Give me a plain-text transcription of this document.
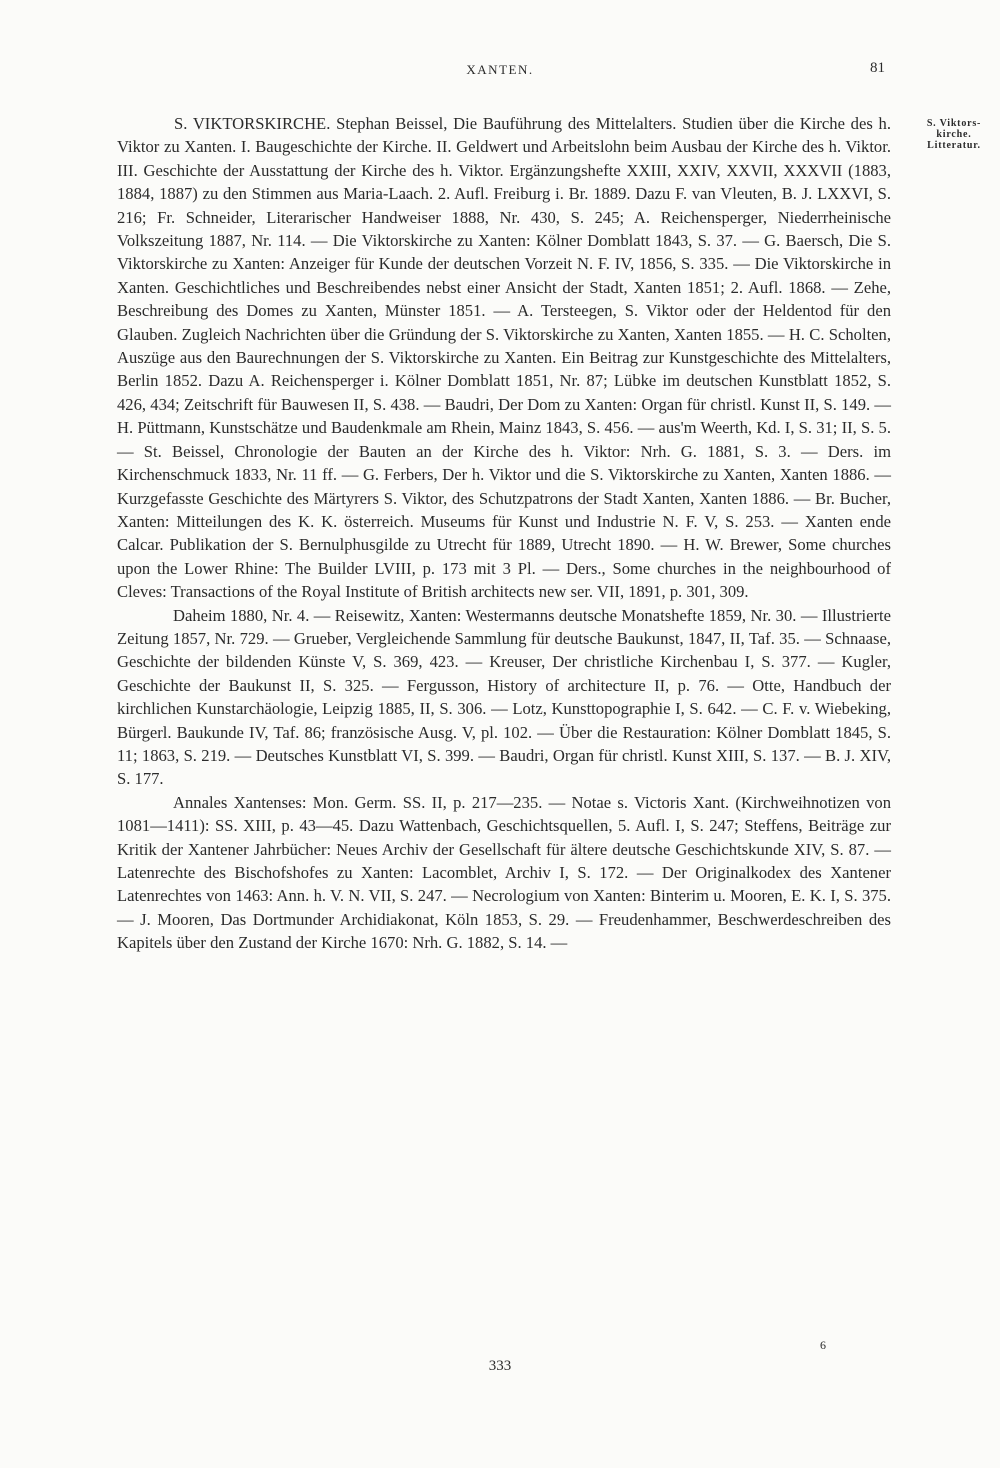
XANTEN.	81
S. Viktors-
kirche.
Litteratur.

S. VIKTORSKIRCHE. Stephan Beissel, Die Bauführung des Mittelalters. Studien über die Kirche des h. Viktor zu Xanten. I. Baugeschichte der Kirche. II. Geldwert und Arbeitslohn beim Ausbau der Kirche des h. Viktor. III. Geschichte der Ausstattung der Kirche des h. Viktor. Ergänzungshefte XXIII, XXIV, XXVII, XXXVII (1883, 1884, 1887) zu den Stimmen aus Maria-Laach. 2. Aufl. Freiburg i. Br. 1889. Dazu F. van Vleuten, B. J. LXXVI, S. 216; Fr. Schneider, Literarischer Handweiser 1888, Nr. 430, S. 245; A. Reichensperger, Niederrheinische Volkszeitung 1887, Nr. 114. — Die Viktorskirche zu Xanten: Kölner Domblatt 1843, S. 37. — G. Baersch, Die S. Viktorskirche zu Xanten: Anzeiger für Kunde der deutschen Vorzeit N. F. IV, 1856, S. 335. — Die Viktorskirche in Xanten. Geschichtliches und Beschreibendes nebst einer Ansicht der Stadt, Xanten 1851; 2. Aufl. 1868. — Zehe, Beschreibung des Domes zu Xanten, Münster 1851. — A. Tersteegen, S. Viktor oder der Heldentod für den Glauben. Zugleich Nachrichten über die Gründung der S. Viktorskirche zu Xanten, Xanten 1855. — H. C. Scholten, Auszüge aus den Baurechnungen der S. Viktorskirche zu Xanten. Ein Beitrag zur Kunstgeschichte des Mittelalters, Berlin 1852. Dazu A. Reichensperger i. Kölner Domblatt 1851, Nr. 87; Lübke im deutschen Kunstblatt 1852, S. 426, 434; Zeitschrift für Bauwesen II, S. 438. — Baudri, Der Dom zu Xanten: Organ für christl. Kunst II, S. 149. — H. Püttmann, Kunstschätze und Baudenkmale am Rhein, Mainz 1843, S. 456. — aus'm Weerth, Kd. I, S. 31; II, S. 5. — St. Beissel, Chronologie der Bauten an der Kirche des h. Viktor: Nrh. G. 1881, S. 3. — Ders. im Kirchenschmuck 1833, Nr. 11 ff. — G. Ferbers, Der h. Viktor und die S. Viktorskirche zu Xanten, Xanten 1886. — Kurzgefasste Geschichte des Märtyrers S. Viktor, des Schutzpatrons der Stadt Xanten, Xanten 1886. — Br. Bucher, Xanten: Mitteilungen des K. K. österreich. Museums für Kunst und Industrie N. F. V, S. 253. — Xanten ende Calcar. Publikation der S. Bernulphusgilde zu Utrecht für 1889, Utrecht 1890. — H. W. Brewer, Some churches upon the Lower Rhine: The Builder LVIII, p. 173 mit 3 Pl. — Ders., Some churches in the neighbourhood of Cleves: Transactions of the Royal Institute of British architects new ser. VII, 1891, p. 301, 309.

Daheim 1880, Nr. 4. — Reisewitz, Xanten: Westermanns deutsche Monatshefte 1859, Nr. 30. — Illustrierte Zeitung 1857, Nr. 729. — Grueber, Vergleichende Sammlung für deutsche Baukunst, 1847, II, Taf. 35. — Schnaase, Geschichte der bildenden Künste V, S. 369, 423. — Kreuser, Der christliche Kirchenbau I, S. 377. — Kugler, Geschichte der Baukunst II, S. 325. — Fergusson, History of architecture II, p. 76. — Otte, Handbuch der kirchlichen Kunstarchäologie, Leipzig 1885, II, S. 306. — Lotz, Kunsttopographie I, S. 642. — C. F. v. Wiebeking, Bürgerl. Baukunde IV, Taf. 86; französische Ausg. V, pl. 102. — Über die Restauration: Kölner Domblatt 1845, S. 11; 1863, S. 219. — Deutsches Kunstblatt VI, S. 399. — Baudri, Organ für christl. Kunst XIII, S. 137. — B. J. XIV, S. 177.

Annales Xantenses: Mon. Germ. SS. II, p. 217—235. — Notae s. Victoris Xant. (Kirchweihnotizen von 1081—1411): SS. XIII, p. 43—45. Dazu Wattenbach, Geschichtsquellen, 5. Aufl. I, S. 247; Steffens, Beiträge zur Kritik der Xantener Jahrbücher: Neues Archiv der Gesellschaft für ältere deutsche Geschichtskunde XIV, S. 87. — Latenrechte des Bischofshofes zu Xanten: Lacomblet, Archiv I, S. 172. — Der Originalkodex des Xantener Latenrechtes von 1463: Ann. h. V. N. VII, S. 247. — Necrologium von Xanten: Binterim u. Mooren, E. K. I, S. 375. — J. Mooren, Das Dortmunder Archidiakonat, Köln 1853, S. 29. — Freudenhammer, Beschwerdeschreiben des Kapitels über den Zustand der Kirche 1670: Nrh. G. 1882, S. 14. —

6
333
